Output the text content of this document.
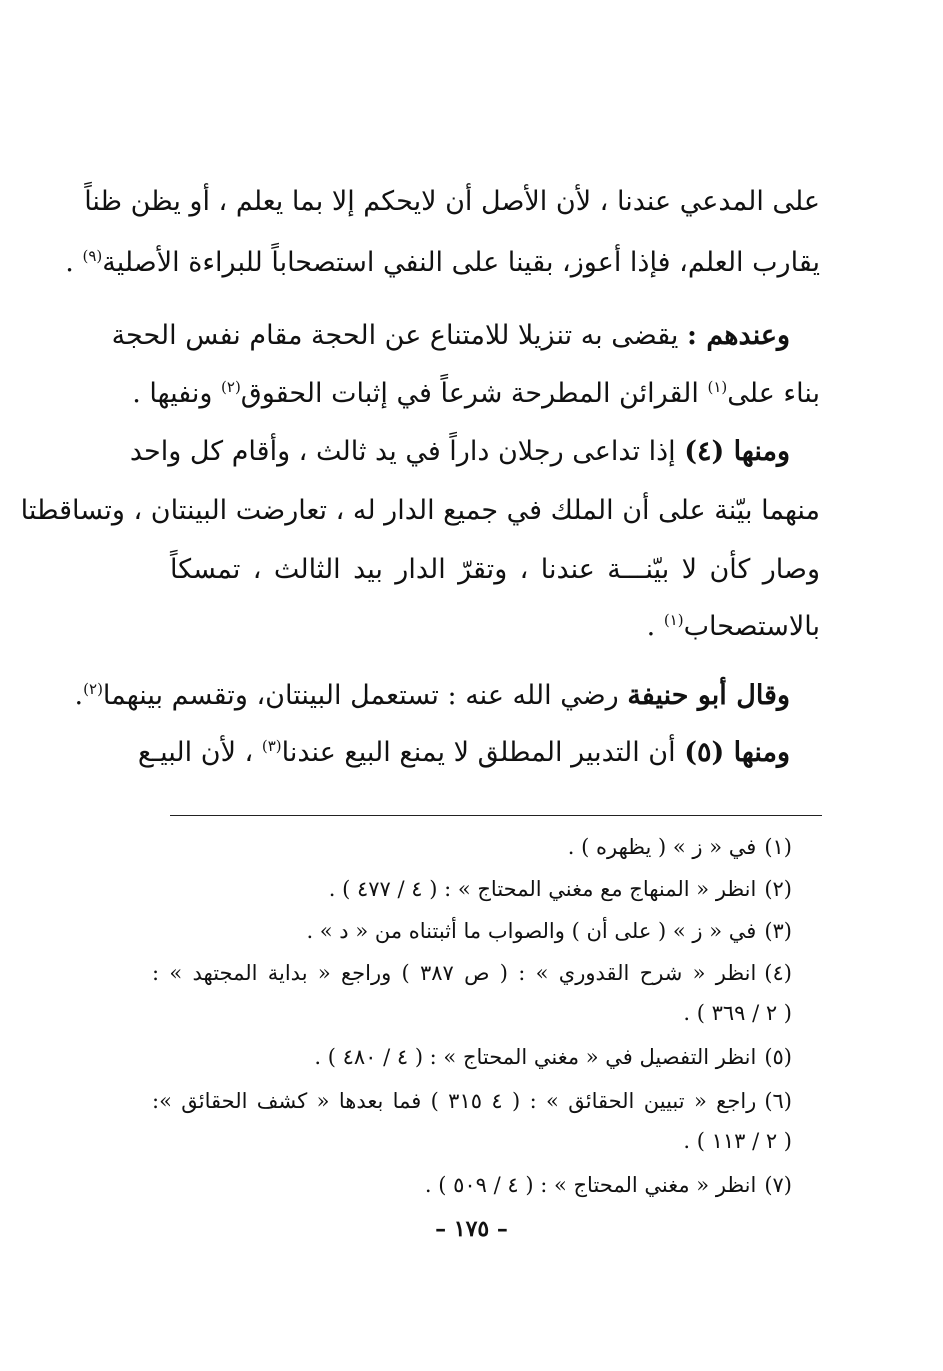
على المدعي عندنا ، لأن الأصل أن لايحكم إلا بما يعلم ، أو يظن ظناً
يقارب العلم، فإذا أعوز، بقينا على النفي استصحاباً للبراءة الأصلية$^{(٩)}$ .
وعندهم : يقضى به تنزيلا للامتناع عن الحجة مقام نفس الحجة
بناء على$^{(١)}$ القرائن المطرحة شرعاً في إثبات الحقوق$^{(٢)}$ ونفيها .
ومنها (٤) إذا تداعى رجلان داراً في يد ثالث ، وأقام كل واحد
منهما بيّنة على أن الملك في جميع الدار له ، تعارضت البينتان ، وتساقطتا
وصار كأن لا بيّنـــة عندنا ، وتقرّ الدار بيد الثالث ، تمسكاً
بالاستصحاب$^{(١)}$ .
وقال أبو حنيفة رضي الله عنه : تستعمل البينتان، وتقسم بينهما$^{(٢)}$.
ومنها (٥) أن التدبير المطلق لا يمنع البيع عندنا$^{(٣)}$ ، لأن البيـع
(١)في « ز » ( يظهره ) .
(٢)انظر « المنهاج مع مغني المحتاج » : ( ٤ / ٤٧٧ ) .
(٣)في « ز » ( على أن ) والصواب ما أثبتناه من « د » .
(٤)انظر « شرح القدوري » : ( ص ٣٨٧ ) وراجع « بداية المجتهد » :
( ٢ / ٣٦٩ ) .
(٥)انظر التفصيل في « مغني المحتاج » : ( ٤ / ٤٨٠ ) .
(٦)راجع « تبيين الحقائق » : ( ٤ ٣١٥ ) فما بعدها « كشف الحقائق »:
( ٢ / ١١٣ ) .
(٧)انظر « مغني المحتاج » : ( ٤ / ٥٠٩ ) .
– ١٧٥ –
